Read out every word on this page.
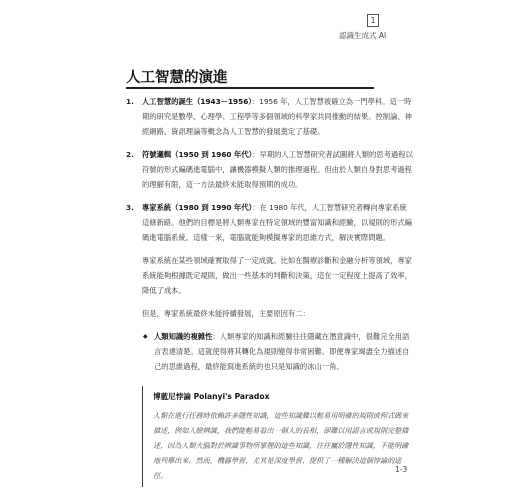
1
認識生成式 AI
人工智慧的演進
1. 人工智慧的誕生（1943－1956）：1956 年，人工智慧被確立為一門學科。這一時期的研究是數學、心理學、工程學等多個領域的科學家共同推動的結果。控制論、神經網路、資訊理論等概念為人工智慧的發展奠定了基礎。
2. 符號邏輯（1950 到 1960 年代）：早期的人工智慧研究者試圖將人類的思考過程以符號的形式編碼進電腦中，讓機器模擬人類的推理過程。但由於人類自身對思考過程的理解有限，這一方法最終未能取得預期的成功。
3. 專家系統（1980 到 1990 年代）：在 1980 年代，人工智慧研究者轉向專家系統這條新路。他們的目標是將人類專家在特定領域的豐富知識和經驗，以規則的形式編碼進電腦系統。這樣一來，電腦就能夠模擬專家的思維方式，解決實際問題。
專家系統在某些領域確實取得了一定成就。比如在醫療診斷和金融分析等領域，專家系統能夠根據既定規則，做出一些基本的判斷和決策，這在一定程度上提高了效率，降低了成本。
但是，專家系統最終未能持續發展，主要原因有二：
◆ 人類知識的複雜性：人類專家的知識和經驗往往隱藏在潛意識中，很難完全用語言表達清楚。這就使得將其轉化為規則變得非常困難。即便專家竭盡全力描述自己的思維過程，最終能寫進系統的也只是知識的冰山一角。
博藍尼悖論 Polanyi's Paradox
人類在進行任務時依賴許多隱性知識，這些知識難以輕易用明確的規則或程式碼來描述，例如人臉辨識，我們能輕易看出一個人的長相，卻難以用語言或規則完整描述，因為人類大腦對於辨識事物所掌握的這些知識，往往屬於隱性知識，不能明確地列舉出來。然而，機器學習，尤其是深度學習，提供了一種解決這個悖論的途徑。
1-3
